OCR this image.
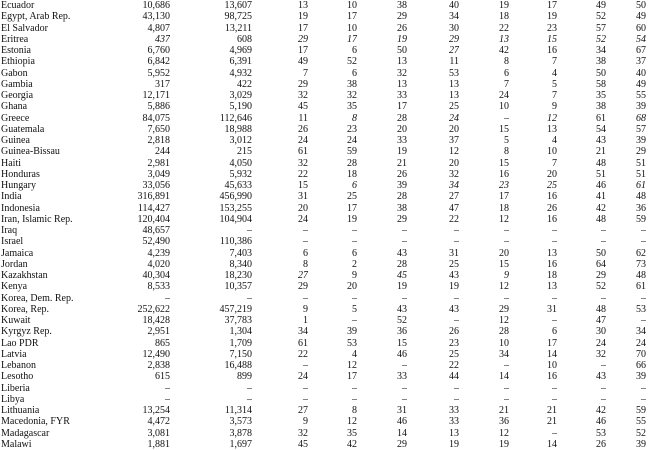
Ecuador	10,686	13,607	13	10	38	40	19	17	49	50
Egypt, Arab Rep.	43,130	98,725	19	17	29	34	18	19	52	49
El Salvador	4,807	13,211	17	10	26	30	22	23	57	60
Eritrea	437	608	29	17	19	29	13	15	52	54
Estonia	6,760	4,969	17	6	50	27	42	16	34	67
Ethiopia	6,842	6,391	49	52	13	11	8	7	38	37
Gabon	5,952	4,932	7	6	32	53	6	4	50	40
Gambia	317	422	29	38	13	13	7	5	58	49
Georgia	12,171	3,029	32	32	33	13	24	7	35	55
Ghana	5,886	5,190	45	35	17	25	10	9	38	39
Greece	84,075	112,646	11	8	28	24	–	12	61	68
Guatemala	7,650	18,988	26	23	20	20	15	13	54	57
Guinea	2,818	3,012	24	24	33	37	5	4	43	39
Guinea-Bissau	244	215	61	59	19	12	8	10	21	29
Haiti	2,981	4,050	32	28	21	20	15	7	48	51
Honduras	3,049	5,932	22	18	26	32	16	20	51	51
Hungary	33,056	45,633	15	6	39	34	23	25	46	61
India	316,891	456,990	31	25	28	27	17	16	41	48
Indonesia	114,427	153,255	20	17	38	47	18	26	42	36
Iran, Islamic Rep.	120,404	104,904	24	19	29	22	12	16	48	59
Iraq	48,657	–	–	–	–	–	–	–	–	–
Israel	52,490	110,386	–	–	–	–	–	–	–	–
Jamaica	4,239	7,403	6	6	43	31	20	13	50	62
Jordan	4,020	8,340	8	2	28	25	15	16	64	73
Kazakhstan	40,304	18,230	27	9	45	43	9	18	29	48
Kenya	8,533	10,357	29	20	19	19	12	13	52	61
Korea, Dem. Rep.	–	–	–	–	–	–	–	–	–	–
Korea, Rep.	252,622	457,219	9	5	43	43	29	31	48	53
Kuwait	18,428	37,783	1	–	52	–	12	–	47	–
Kyrgyz Rep.	2,951	1,304	34	39	36	26	28	6	30	34
Lao PDR	865	1,709	61	53	15	23	10	17	24	24
Latvia	12,490	7,150	22	4	46	25	34	14	32	70
Lebanon	2,838	16,488	–	12	–	22	–	10	–	66
Lesotho	615	899	24	17	33	44	14	16	43	39
Liberia	–	–	–	–	–	–	–	–	–	–
Libya	–	–	–	–	–	–	–	–	–	–
Lithuania	13,254	11,314	27	8	31	33	21	21	42	59
Macedonia, FYR	4,472	3,573	9	12	46	33	36	21	46	55
Madagascar	3,081	3,878	32	35	14	13	12	–	53	52
Malawi	1,881	1,697	45	42	29	19	19	14	26	39
